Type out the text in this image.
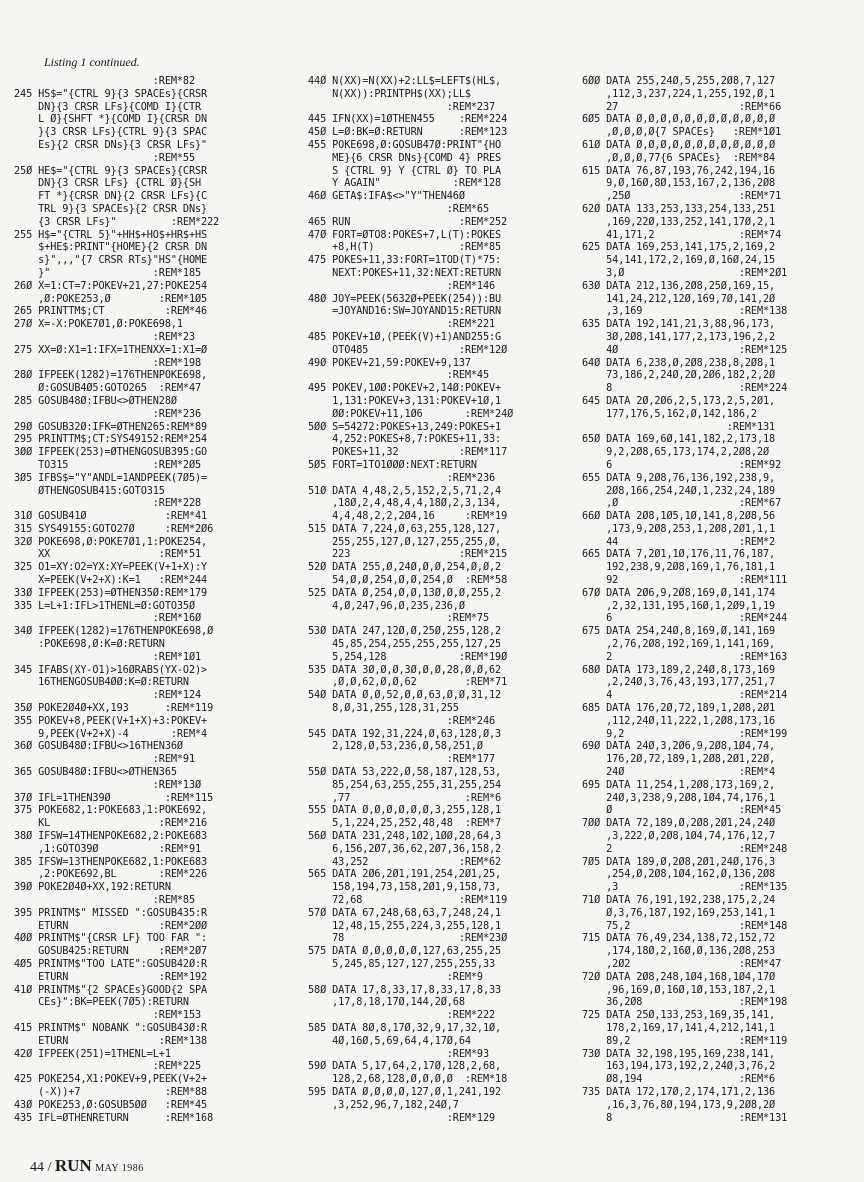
Listing 1 continued.
:REM*82
245 HS$="{CTRL 9}{3 SPACEs}{CRSR
DN}{3 CRSR LFs}{COMD I}{CTR
L Ø}{SHFT *}{COMD I}{CRSR DN
}{3 CRSR LFs}{CTRL 9}{3 SPAC
Es}{2 CRSR DNs}{3 CRSR LFs}"
:REM*55
25Ø HE$="{CTRL 9}{3 SPACEs}{CRSR
DN}{3 CRSR LFs} {CTRL Ø}{SH
FT *}{CRSR DN}{2 CRSR LFs}{C
TRL 9}{3 SPACEs}{2 CRSR DNs}
{3 CRSR LFs}"         :REM*222
255 H$="{CTRL 5}"+HH$+HO$+HR$+HS
$+HE$:PRINT"{HOME}{2 CRSR DN
s}",,,"{7 CRSR RTs}"HS"{HOME
}"                 :REM*185
26Ø X=1:CT=7:POKEV+21,27:POKE254
,Ø:POKE253,Ø        :REM*1Ø5
265 PRINTTM$;CT          :REM*46
27Ø X=-X:POKE7Ø1,Ø:POKE698,1
:REM*23
275 XX=Ø:X1=1:IFX=1THENXX=1:X1=Ø
:REM*198
28Ø IFPEEK(1282)=176THENPOKE698,
Ø:GOSUB4Ø5:GOTO265  :REM*47
285 GOSUB48Ø:IFBU<>ØTHEN28Ø
:REM*236
29Ø GOSUB32Ø:IFK=ØTHEN265:REM*89
295 PRINTTM$;CT:SYS49152:REM*254
3ØØ IFPEEK(253)=ØTHENGOSUB395:GO
TO315              :REM*2Ø5
3Ø5 IFBS$="Y"ANDL=1ANDPEEK(7Ø5)=
ØTHENGOSUB415:GOTO315
:REM*228
31Ø GOSUB41Ø             :REM*41
315 SYS49155:GOTO27Ø     :REM*2Ø6
32Ø POKE698,Ø:POKE7Ø1,1:POKE254,
XX                  :REM*51
325 O1=XY:O2=YX:XY=PEEK(V+1+X):Y
X=PEEK(V+2+X):K=1   :REM*244
33Ø IFPEEK(253)=ØTHEN35Ø:REM*179
335 L=L+1:IFL>1THENL=Ø:GOTO35Ø
:REM*16Ø
34Ø IFPEEK(1282)=176THENPOKE698,Ø
:POKE698,Ø:K=Ø:RETURN
:REM*1Ø1
345 IFABS(XY-O1)>16ØRABS(YX-O2)>
16THENGOSUB4ØØ:K=Ø:RETURN
:REM*124
35Ø POKE2Ø4Ø+XX,193      :REM*119
355 POKEV+8,PEEK(V+1+X)+3:POKEV+
9,PEEK(V+2+X)-4       :REM*4
36Ø GOSUB48Ø:IFBU<>16THEN36Ø
:REM*91
365 GOSUB48Ø:IFBU<>ØTHEN365
:REM*13Ø
37Ø IFL=1THEN39Ø         :REM*115
375 POKE682,1:POKE683,1:POKE692,
KL                  :REM*216
38Ø IFSW=14THENPOKE682,2:POKE683
,1:GOTO39Ø          :REM*91
385 IFSW=13THENPOKE682,1:POKE683
,2:POKE692,BL       :REM*226
39Ø POKE2Ø4Ø+XX,192:RETURN
:REM*85
395 PRINTM$" MISSED ":GOSUB435:R
ETURN               :REM*2ØØ
4ØØ PRINTM$"{CRSR LF} TOO FAR ":
GOSUB425:RETURN     :REM*2Ø7
4Ø5 PRINTM$"TOO LATE":GOSUB42Ø:R
ETURN               :REM*192
41Ø PRINTM$"{2 SPACEs}GOOD{2 SPA
CEs}":BK=PEEK(7Ø5):RETURN
:REM*153
415 PRINTM$" NOBANK ":GOSUB43Ø:R
ETURN               :REM*138
42Ø IFPEEK(251)=1THENL=L+1
:REM*225
425 POKE254,X1:POKEV+9,PEEK(V+2+
(-X))+7              :REM*88
43Ø POKE253,Ø:GOSUB5ØØ   :REM*45
435 IFL=ØTHENRETURN      :REM*168
44Ø N(XX)=N(XX)+2:LL$=LEFT$(HL$,
N(XX)):PRINTPH$(XX);LL$
:REM*237
445 IFN(XX)=1ØTHEN455    :REM*224
45Ø L=Ø:BK=Ø:RETURN      :REM*123
455 POKE698,Ø:GOSUB47Ø:PRINT"{HO
ME}{6 CRSR DNs}{COMD 4} PRES
S {CTRL 9} Y {CTRL Ø} TO PLA
Y AGAIN"            :REM*128
46Ø GETA$:IFA$<>"Y"THEN46Ø
:REM*65
465 RUN                  :REM*252
47Ø FORT=ØTO8:POKES+7,L(T):POKES
+8,H(T)              :REM*85
475 POKES+11,33:FORT=1TOD(T)*75:
NEXT:POKES+11,32:NEXT:RETURN
:REM*146
48Ø JOY=PEEK(5632Ø+PEEK(254)):BU
=JOYAND16:SW=JOYAND15:RETURN
:REM*221
485 POKEV+1Ø,(PEEK(V)+1)AND255:G
OTO485               :REM*12Ø
49Ø POKEV+21,59:POKEV+9,137
:REM*45
495 POKEV,1ØØ:POKEV+2,14Ø:POKEV+
1,131:POKEV+3,131:POKEV+1Ø,1
ØØ:POKEV+11,1Ø6       :REM*24Ø
5ØØ S=54272:POKES+13,249:POKES+1
4,252:POKES+8,7:POKES+11,33:
POKES+11,32          :REM*117
5Ø5 FORT=1TO1ØØØ:NEXT:RETURN
:REM*236
51Ø DATA 4,48,2,5,152,2,5,71,2,4
,18Ø,2,4,48,4,4,18Ø,2,3,134,
4,4,48,2,2,2Ø4,16     :REM*19
515 DATA 7,224,Ø,63,255,128,127,
255,255,127,Ø,127,255,255,Ø,
223                  :REM*215
52Ø DATA 255,Ø,24Ø,Ø,Ø,254,Ø,Ø,2
54,Ø,Ø,254,Ø,Ø,254,Ø  :REM*58
525 DATA Ø,254,Ø,Ø,13Ø,Ø,Ø,255,2
4,Ø,247,96,Ø,235,236,Ø
:REM*75
53Ø DATA 247,12Ø,Ø,25Ø,255,128,2
45,85,254,255,255,255,127,25
5,254,128            :REM*19Ø
535 DATA 3Ø,Ø,Ø,3Ø,Ø,Ø,28,Ø,Ø,62
,Ø,Ø,62,Ø,Ø,62        :REM*71
54Ø DATA Ø,Ø,52,Ø,Ø,63,Ø,Ø,31,12
8,Ø,31,255,128,31,255
:REM*246
545 DATA 192,31,224,Ø,63,128,Ø,3
2,128,Ø,53,236,Ø,58,251,Ø
:REM*177
55Ø DATA 53,222,Ø,58,187,128,53,
85,254,63,255,255,31,255,254
,77                   :REM*6
555 DATA Ø,Ø,Ø,Ø,Ø,Ø,3,255,128,1
5,1,224,25,252,48,48  :REM*7
56Ø DATA 231,248,1Ø2,1ØØ,28,64,3
6,156,2Ø7,36,62,2Ø7,36,158,2
43,252               :REM*62
565 DATA 2Ø6,2Ø1,191,254,2Ø1,25,
158,194,73,158,2Ø1,9,158,73,
72,68                :REM*119
57Ø DATA 67,248,68,63,7,248,24,1
12,48,15,255,224,3,255,128,1
78                   :REM*23Ø
575 DATA Ø,Ø,Ø,Ø,Ø,127,63,255,25
5,245,85,127,127,255,255,33
:REM*9
58Ø DATA 17,8,33,17,8,33,17,8,33
,17,8,18,17Ø,144,2Ø,68
:REM*222
585 DATA 8Ø,8,17Ø,32,9,17,32,1Ø,
4Ø,16Ø,5,69,64,4,17Ø,64
:REM*93
59Ø DATA 5,17,64,2,17Ø,128,2,68,
128,2,68,128,Ø,Ø,Ø,Ø  :REM*18
595 DATA Ø,Ø,Ø,Ø,127,Ø,1,241,192
,3,252,96,7,182,24Ø,7
:REM*129
6ØØ DATA 255,24Ø,5,255,2Ø8,7,127
,112,3,237,224,1,255,192,Ø,1
27                    :REM*66
6Ø5 DATA Ø,Ø,Ø,Ø,Ø,Ø,Ø,Ø,Ø,Ø,Ø,Ø
,Ø,Ø,Ø,Ø{7 SPACEs}   :REM*1Ø1
61Ø DATA Ø,Ø,Ø,Ø,Ø,Ø,Ø,Ø,Ø,Ø,Ø,Ø
,Ø,Ø,Ø,77{6 SPACEs}  :REM*84
615 DATA 76,87,193,76,242,194,16
9,Ø,16Ø,8Ø,153,167,2,136,2Ø8
,25Ø                  :REM*71
62Ø DATA 133,253,133,254,133,251
,169,22Ø,133,252,141,17Ø,2,1
41,171,2              :REM*74
625 DATA 169,253,141,175,2,169,2
54,141,172,2,169,Ø,16Ø,24,15
3,Ø                   :REM*2Ø1
63Ø DATA 212,136,2Ø8,25Ø,169,15,
141,24,212,12Ø,169,7Ø,141,2Ø
,3,169                :REM*138
635 DATA 192,141,21,3,88,96,173,
3Ø,2Ø8,141,177,2,173,196,2,2
4Ø                    :REM*125
64Ø DATA 6,238,Ø,2Ø8,238,8,2Ø8,1
73,186,2,24Ø,2Ø,2Ø6,182,2,2Ø
8                     :REM*224
645 DATA 2Ø,2Ø6,2,5,173,2,5,2Ø1,
177,176,5,162,Ø,142,186,2
:REM*131
65Ø DATA 169,6Ø,141,182,2,173,18
9,2,2Ø8,65,173,174,2,2Ø8,2Ø
6                     :REM*92
655 DATA 9,2Ø8,76,136,192,238,9,
2Ø8,166,254,24Ø,1,232,24,189
,Ø                    :REM*67
66Ø DATA 2Ø8,1Ø5,1Ø,141,8,2Ø8,56
,173,9,2Ø8,253,1,2Ø8,2Ø1,1,1
44                    :REM*2
665 DATA 7,2Ø1,1Ø,176,11,76,187,
192,238,9,2Ø8,169,1,76,181,1
92                    :REM*111
67Ø DATA 2Ø6,9,2Ø8,169,Ø,141,174
,2,32,131,195,16Ø,1,2Ø9,1,19
6                     :REM*244
675 DATA 254,24Ø,8,169,Ø,141,169
,2,76,2Ø8,192,169,1,141,169,
2                     :REM*163
68Ø DATA 173,189,2,24Ø,8,173,169
,2,24Ø,3,76,43,193,177,251,7
4                     :REM*214
685 DATA 176,2Ø,72,189,1,2Ø8,2Ø1
,112,24Ø,11,222,1,2Ø8,173,16
9,2                   :REM*199
69Ø DATA 24Ø,3,2Ø6,9,2Ø8,1Ø4,74,
176,2Ø,72,189,1,2Ø8,2Ø1,22Ø,
24Ø                   :REM*4
695 DATA 11,254,1,2Ø8,173,169,2,
24Ø,3,238,9,2Ø8,1Ø4,74,176,1
Ø                     :REM*45
7ØØ DATA 72,189,Ø,2Ø8,2Ø1,24,24Ø
,3,222,Ø,2Ø8,1Ø4,74,176,12,7
2                     :REM*248
7Ø5 DATA 189,Ø,2Ø8,2Ø1,24Ø,176,3
,254,Ø,2Ø8,1Ø4,162,Ø,136,2Ø8
,3                    :REM*135
71Ø DATA 76,191,192,238,175,2,24
Ø,3,76,187,192,169,253,141,1
75,2                  :REM*148
715 DATA 76,49,234,138,72,152,72
,174,18Ø,2,16Ø,Ø,136,2Ø8,253
,2Ø2                  :REM*47
72Ø DATA 2Ø8,248,1Ø4,168,1Ø4,17Ø
,96,169,Ø,16Ø,1Ø,153,187,2,1
36,2Ø8                :REM*198
725 DATA 25Ø,133,253,169,35,141,
178,2,169,17,141,4,212,141,1
89,2                  :REM*119
73Ø DATA 32,198,195,169,238,141,
163,194,173,192,2,24Ø,3,76,2
Ø8,194                :REM*6
735 DATA 172,17Ø,2,174,171,2,136
,16,3,76,8Ø,194,173,9,2Ø8,2Ø
8                     :REM*131
44 / RUN MAY 1986
